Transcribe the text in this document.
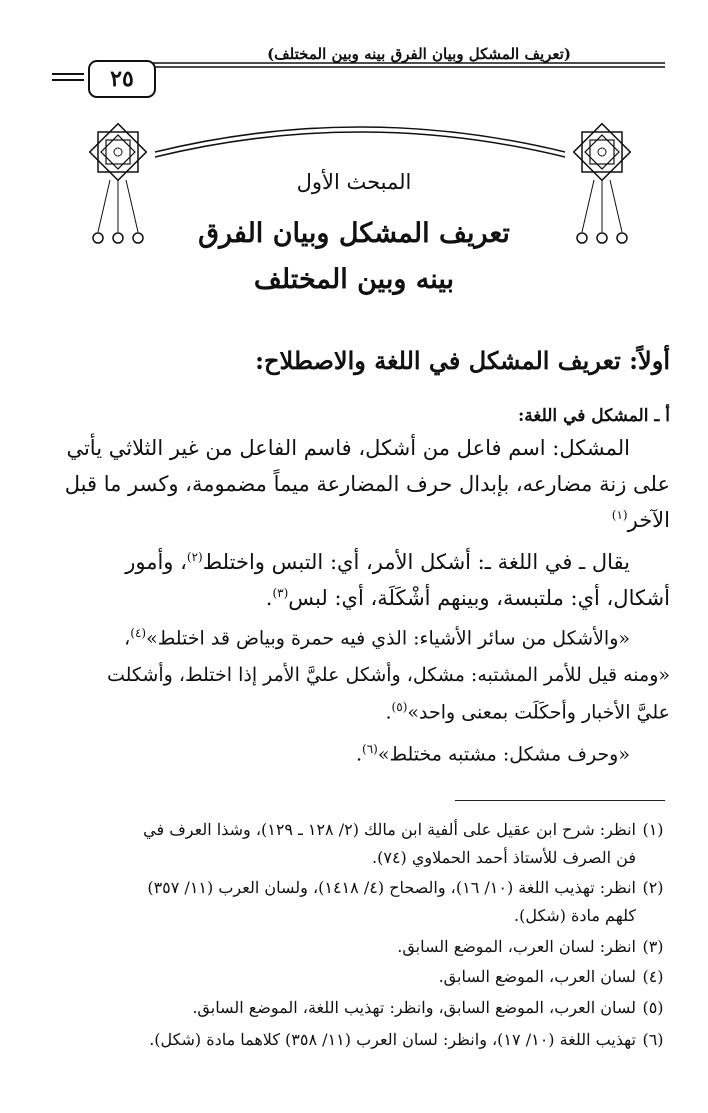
(تعريف المشكل وبيان الفرق بينه وبين المختلف)
٢٥
المبحث الأول
تعريف المشكل وبيان الفرق
بينه وبين المختلف
أولاً: تعريف المشكل في اللغة والاصطلاح:
أ ـ المشكل في اللغة:
المشكل: اسم فاعل من أشكل، فاسم الفاعل من غير الثلاثي يأتي
على زنة مضارعه، بإبدال حرف المضارعة ميماً مضمومة، وكسر ما قبل
الآخر$^{(١)}$
يقال ـ في اللغة ـ: أشكل الأمر، أي: التبس واختلط$^{(٢)}$، وأمور
أشكال، أي: ملتبسة، وبينهم أشْكَلَة، أي: لبس$^{(٣)}$.
«والأشكل من سائر الأشياء: الذي فيه حمرة وبياض قد اختلط»$^{(٤)}$،
«ومنه قيل للأمر المشتبه: مشكل، وأشكل عليَّ الأمر إذا اختلط، وأشكلت
عليَّ الأخبار وأحكَلَت بمعنى واحد»$^{(٥)}$.
«وحرف مشكل: مشتبه مختلط»$^{(٦)}$.
(١)انظر: شرح ابن عقيل على ألفية ابن مالك (٢/ ١٢٨ ـ ١٢٩)، وشذا العرف في
فن الصرف للأستاذ أحمد الحملاوي (٧٤).
(٢)انظر: تهذيب اللغة (١٠/ ١٦)، والصحاح (٤/ ١٤١٨)، ولسان العرب (١١/ ٣٥٧)
كلهم مادة (شكل).
(٣)انظر: لسان العرب، الموضع السابق.
(٤)لسان العرب، الموضع السابق.
(٥)لسان العرب، الموضع السابق، وانظر: تهذيب اللغة، الموضع السابق.
(٦)تهذيب اللغة (١٠/ ١٧)، وانظر: لسان العرب (١١/ ٣٥٨) كلاهما مادة (شكل).
